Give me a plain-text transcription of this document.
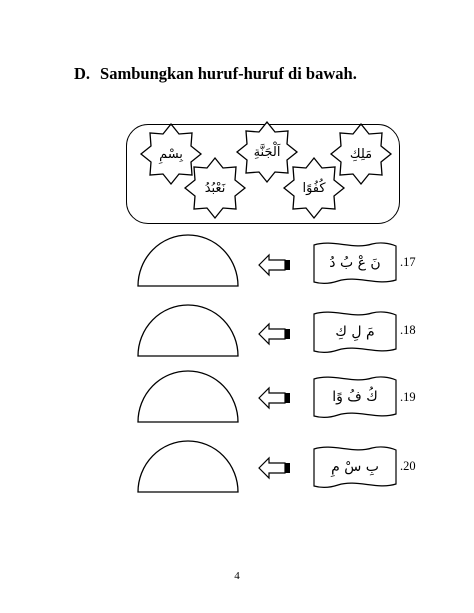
D. Sambungkan huruf-huruf di bawah.
مَلِكِ
اَلْجَنَّةِ
بِسْمِ
كُفُوًا
نَعْبُدُ
نَ عْ بُ دُ	.17
مَ لِ كِ	.18
كُ فُ وًا	.19
بِ سْ مِ	.20
4
